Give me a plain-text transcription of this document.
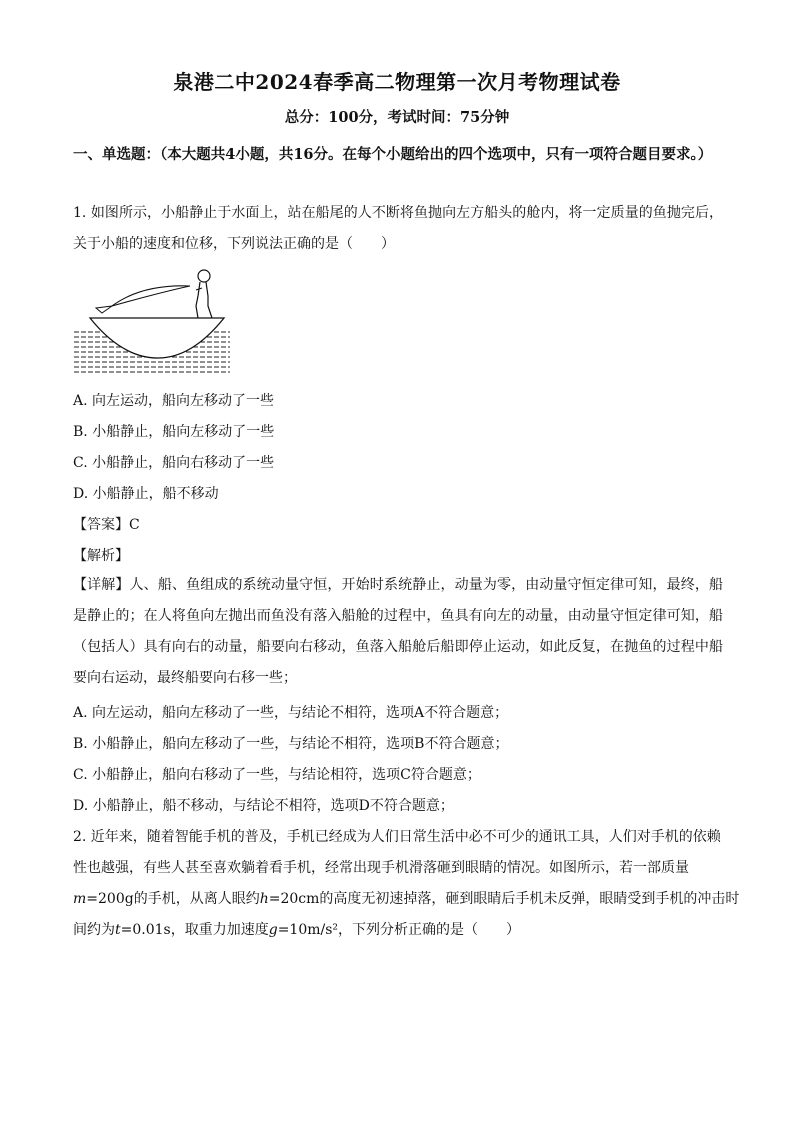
泉港二中2024春季高二物理第一次月考物理试卷
总分：100分，考试时间：75分钟
一、单选题：（本大题共4小题，共16分。在每个小题给出的四个选项中，只有一项符合题目要求。）
1. 如图所示，小船静止于水面上，站在船尾的人不断将鱼抛向左方船头的舱内，将一定质量的鱼抛完后，关于小船的速度和位移，下列说法正确的是（　　）
A. 向左运动，船向左移动了一些
B. 小船静止，船向左移动了一些
C. 小船静止，船向右移动了一些
D. 小船静止，船不移动
【答案】C
【解析】
【详解】人、船、鱼组成的系统动量守恒，开始时系统静止，动量为零，由动量守恒定律可知，最终，船是静止的；在人将鱼向左抛出而鱼没有落入船舱的过程中，鱼具有向左的动量，由动量守恒定律可知，船（包括人）具有向右的动量，船要向右移动，鱼落入船舱后船即停止运动，如此反复，在抛鱼的过程中船要向右运动，最终船要向右移一些；
A. 向左运动，船向左移动了一些，与结论不相符，选项A不符合题意；
B. 小船静止，船向左移动了一些，与结论不相符，选项B不符合题意；
C. 小船静止，船向右移动了一些，与结论相符，选项C符合题意；
D. 小船静止，船不移动，与结论不相符，选项D不符合题意；
2. 近年来，随着智能手机的普及，手机已经成为人们日常生活中必不可少的通讯工具，人们对手机的依赖
性也越强，有些人甚至喜欢躺着看手机，经常出现手机滑落砸到眼睛的情况。如图所示，若一部质量
m=200g的手机，从离人眼约h=20cm的高度无初速掉落，砸到眼睛后手机未反弹，眼睛受到手机的冲击时
间约为t=0.01s，取重力加速度g=10m/s²，下列分析正确的是（　　）
